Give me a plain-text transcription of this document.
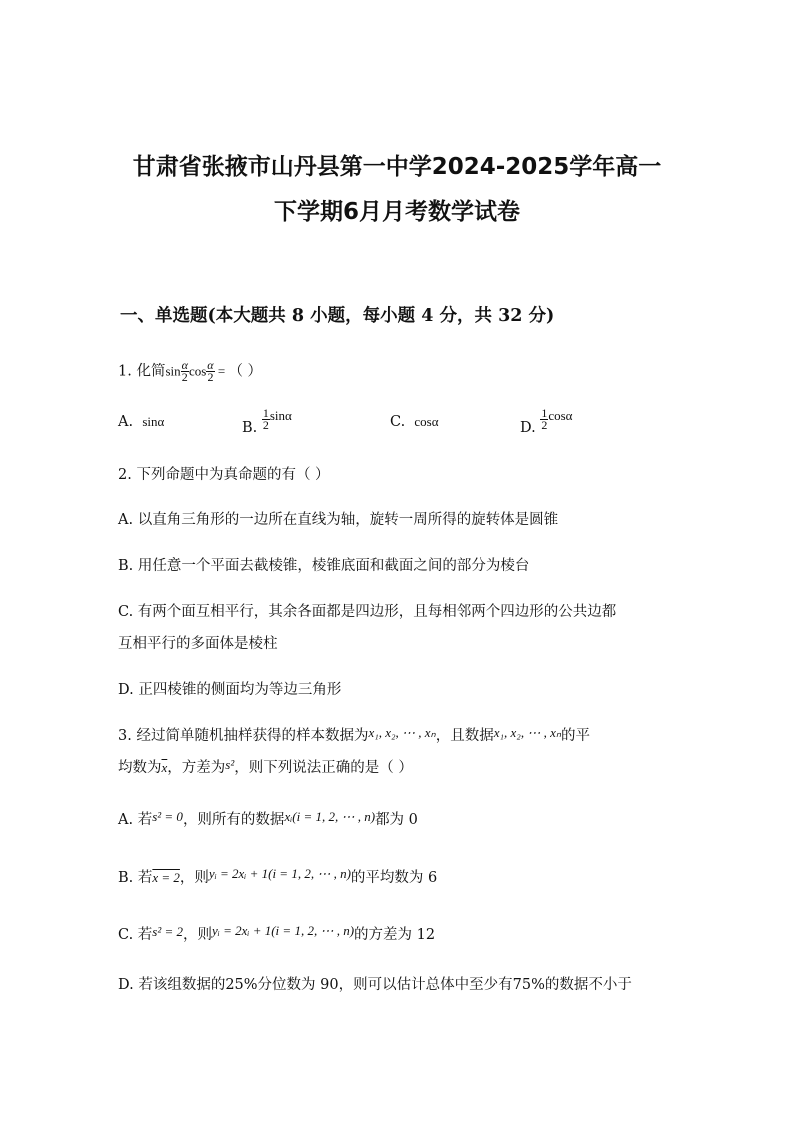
甘肃省张掖市山丹县第一中学2024-2025学年高一
下学期6月月考数学试卷
一、单选题(本大题共 8 小题，每小题 4 分，共 32 分)
1. 化简$\sin \frac{\alpha}{2}$ $\cos \frac{\alpha}{2}$ = （ ）
A. sinα	B. $\frac{1}{2}$ sinα	C. cosα	D. $\frac{1}{2}$ cosα
2. 下列命题中为真命题的有（ ）
A. 以直角三角形的一边所在直线为轴，旋转一周所得的旋转体是圆锥
B. 用任意一个平面去截棱锥，棱锥底面和截面之间的部分为棱台
C. 有两个面互相平行，其余各面都是四边形，且每相邻两个四边形的公共边都
互相平行的多面体是棱柱
D. 正四棱锥的侧面均为等边三角形
3. 经过简单随机抽样获得的样本数据为x₁, x₂, ⋯ , xₙ，且数据x₁, x₂, ⋯ , xₙ的平
均数为$\overline{x}$，方差为s²，则下列说法正确的是（ ）
A. 若s² = 0，则所有的数据xᵢ(i = 1, 2, ⋯ , n)都为 0
B. 若x = 2，则yᵢ = 2xᵢ + 1(i = 1, 2, ⋯ , n)的平均数为 6
C. 若s² = 2，则yᵢ = 2xᵢ + 1(i = 1, 2, ⋯ , n)的方差为 12
D. 若该组数据的25%分位数为 90，则可以估计总体中至少有75%的数据不小于
